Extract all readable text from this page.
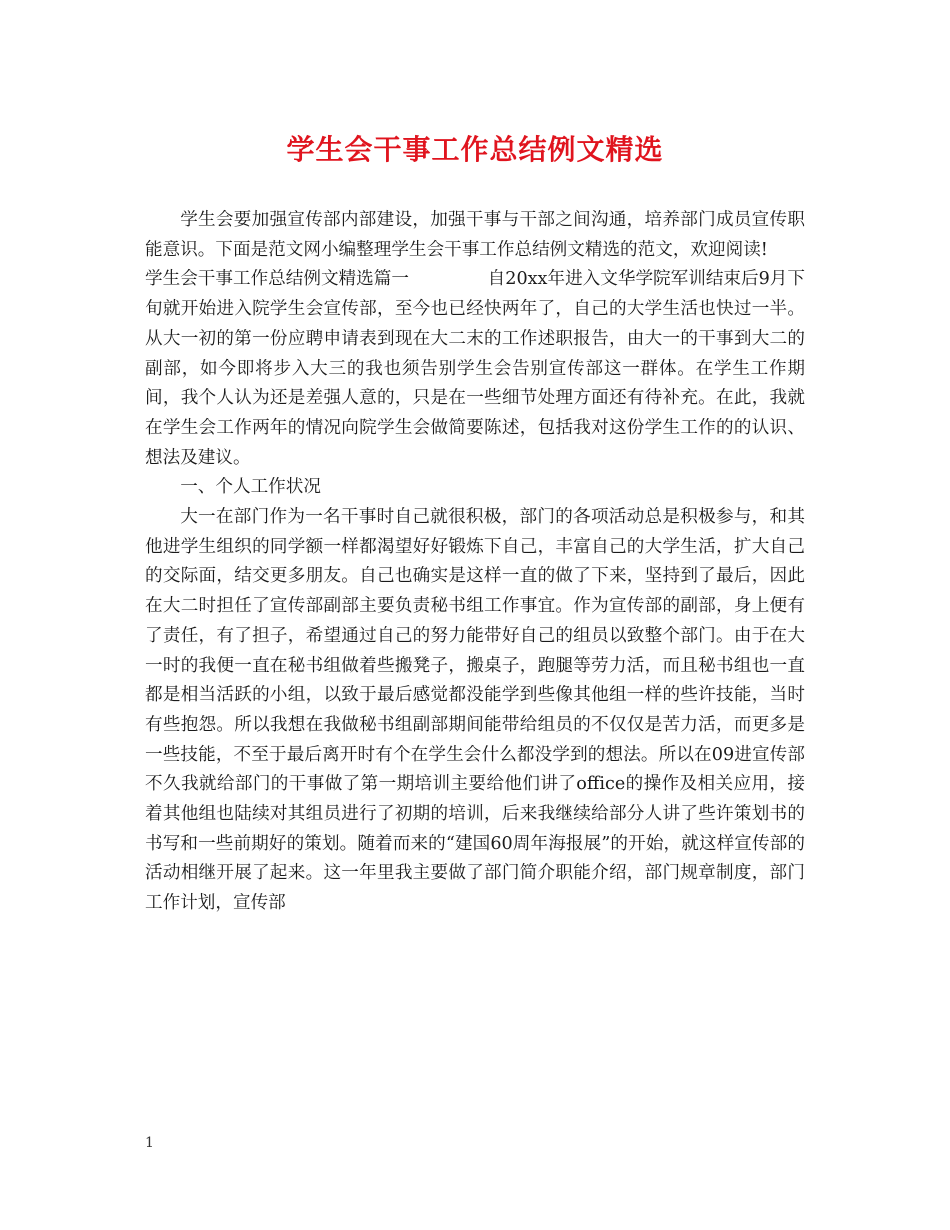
学生会干事工作总结例文精选

学生会要加强宣传部内部建设，加强干事与干部之间沟通，培养部门成员宣传职能意识。下面是范文网小编整理学生会干事工作总结例文精选的范文，欢迎阅读!

学生会干事工作总结例文精选篇一	自20xx年进入文华学院军训结束后9月下

旬就开始进入院学生会宣传部，至今也已经快两年了，自己的大学生活也快过一半。从大一初的第一份应聘申请表到现在大二末的工作述职报告，由大一的干事到大二的副部，如今即将步入大三的我也须告别学生会告别宣传部这一群体。在学生工作期间，我个人认为还是差强人意的，只是在一些细节处理方面还有待补充。在此，我就在学生会工作两年的情况向院学生会做简要陈述，包括我对这份学生工作的的认识、想法及建议。

一、个人工作状况

大一在部门作为一名干事时自己就很积极，部门的各项活动总是积极参与，和其他进学生组织的同学额一样都渴望好好锻炼下自己，丰富自己的大学生活，扩大自己的交际面，结交更多朋友。自己也确实是这样一直的做了下来，坚持到了最后，因此在大二时担任了宣传部副部主要负责秘书组工作事宜。作为宣传部的副部，身上便有了责任，有了担子，希望通过自己的努力能带好自己的组员以致整个部门。由于在大一时的我便一直在秘书组做着些搬凳子，搬桌子，跑腿等劳力活，而且秘书组也一直都是相当活跃的小组，以致于最后感觉都没能学到些像其他组一样的些许技能，当时有些抱怨。所以我想在我做秘书组副部期间能带给组员的不仅仅是苦力活，而更多是一些技能，不至于最后离开时有个在学生会什么都没学到的想法。所以在09进宣传部不久我就给部门的干事做了第一期培训主要给他们讲了office的操作及相关应用，接着其他组也陆续对其组员进行了初期的培训，后来我继续给部分人讲了些许策划书的书写和一些前期好的策划。随着而来的“建国60周年海报展”的开始，就这样宣传部的活动相继开展了起来。这一年里我主要做了部门简介职能介绍，部门规章制度，部门工作计划，宣传部

1
